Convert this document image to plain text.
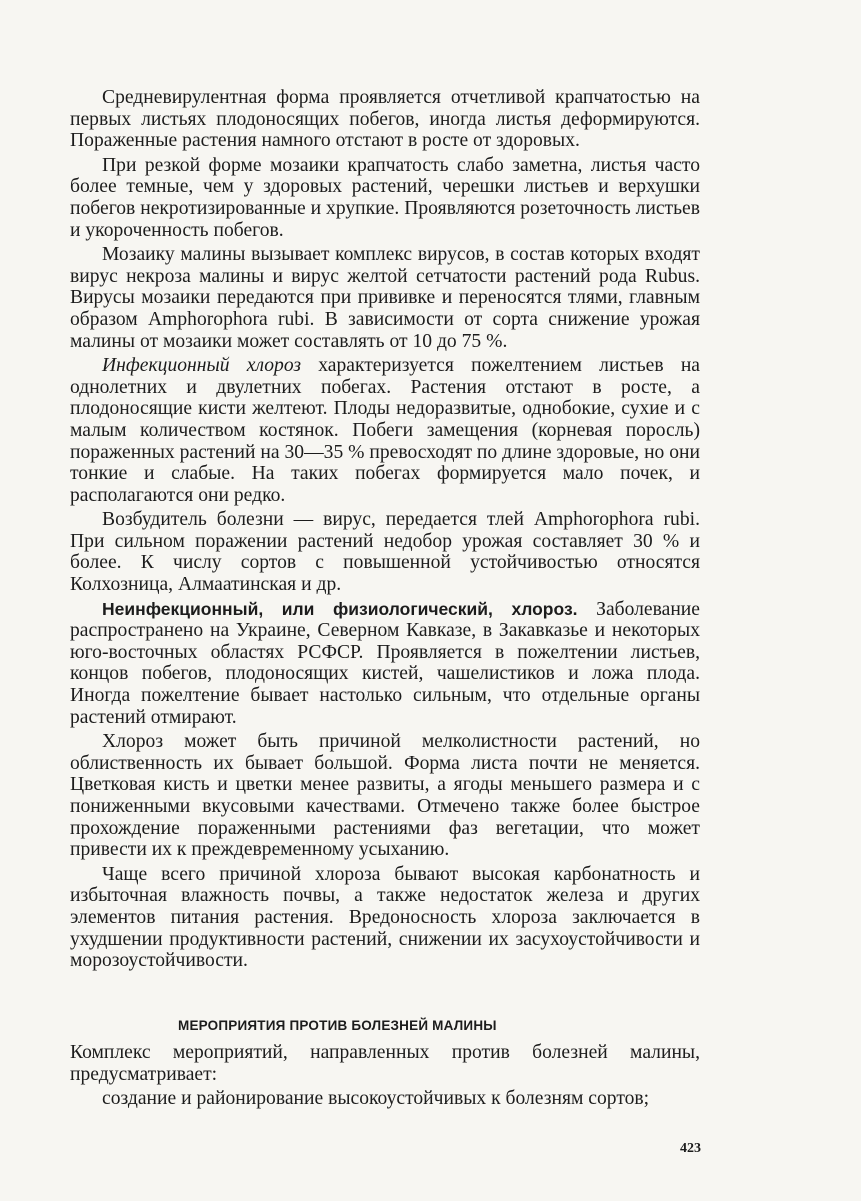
Средневирулентная форма проявляется отчетливой крапчатостью на первых листьях плодоносящих побегов, иногда листья деформируются. Пораженные растения намного отстают в росте от здоровых.

При резкой форме мозаики крапчатость слабо заметна, листья часто более темные, чем у здоровых растений, черешки листьев и верхушки побегов некротизированные и хрупкие. Проявляются розеточность листьев и укороченность побегов.

Мозаику малины вызывает комплекс вирусов, в состав которых входят вирус некроза малины и вирус желтой сетчатости растений рода Rubus. Вирусы мозаики передаются при прививке и переносятся тлями, главным образом Amphorophora rubi. В зависимости от сорта снижение урожая малины от мозаики может составлять от 10 до 75 %.

Инфекционный хлороз характеризуется пожелтением листьев на однолетних и двулетних побегах. Растения отстают в росте, а плодоносящие кисти желтеют. Плоды недоразвитые, однобокие, сухие и с малым количеством костянок. Побеги замещения (корневая поросль) пораженных растений на 30—35 % превосходят по длине здоровые, но они тонкие и слабые. На таких побегах формируется мало почек, и располагаются они редко.

Возбудитель болезни — вирус, передается тлей Amphorophora rubi. При сильном поражении растений недобор урожая составляет 30 % и более. К числу сортов с повышенной устойчивостью относятся Колхозница, Алмаатинская и др.

Неинфекционный, или физиологический, хлороз. Заболевание распространено на Украине, Северном Кавказе, в Закавказье и некоторых юго-восточных областях РСФСР. Проявляется в пожелтении листьев, концов побегов, плодоносящих кистей, чашелистиков и ложа плода. Иногда пожелтение бывает настолько сильным, что отдельные органы растений отмирают.

Хлороз может быть причиной мелколистности растений, но облиственность их бывает большой. Форма листа почти не меняется. Цветковая кисть и цветки менее развиты, а ягоды меньшего размера и с пониженными вкусовыми качествами. Отмечено также более быстрое прохождение пораженными растениями фаз вегетации, что может привести их к преждевременному усыханию.

Чаще всего причиной хлороза бывают высокая карбонатность и избыточная влажность почвы, а также недостаток железа и других элементов питания растения. Вредоносность хлороза заключается в ухудшении продуктивности растений, снижении их засухоустойчивости и морозоустойчивости.

МЕРОПРИЯТИЯ ПРОТИВ БОЛЕЗНЕЙ МАЛИНЫ

Комплекс мероприятий, направленных против болезней малины, предусматривает:

создание и районирование высокоустойчивых к болезням сортов;

423
